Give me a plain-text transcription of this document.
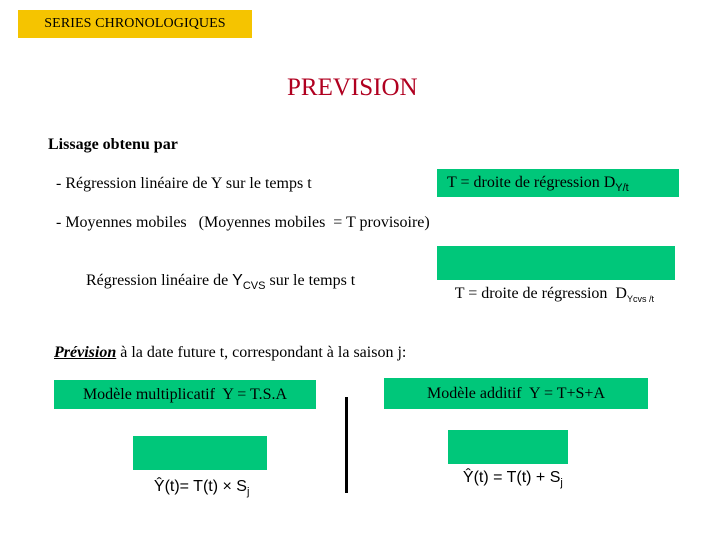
SERIES CHRONOLOGIQUES
PREVISION
Lissage obtenu par
- Régression linéaire de Y sur le temps t	T = droite de régression $D_{Y/t}$
- Moyennes mobiles   (Moyennes mobiles  = T provisoire)

Régression linéaire de $Y_{CVS}$ sur le temps t

T = droite de régression  $D_{Ycvs /t}$

Prévision à la date future t, correspondant à la saison j:
Modèle multiplicatif  Y = T.S.A	Modèle additif  Y = T+S+A

Ŷ(t)= $T(t) \times S_j$

Ŷ(t) = $T(t) + S_j$
